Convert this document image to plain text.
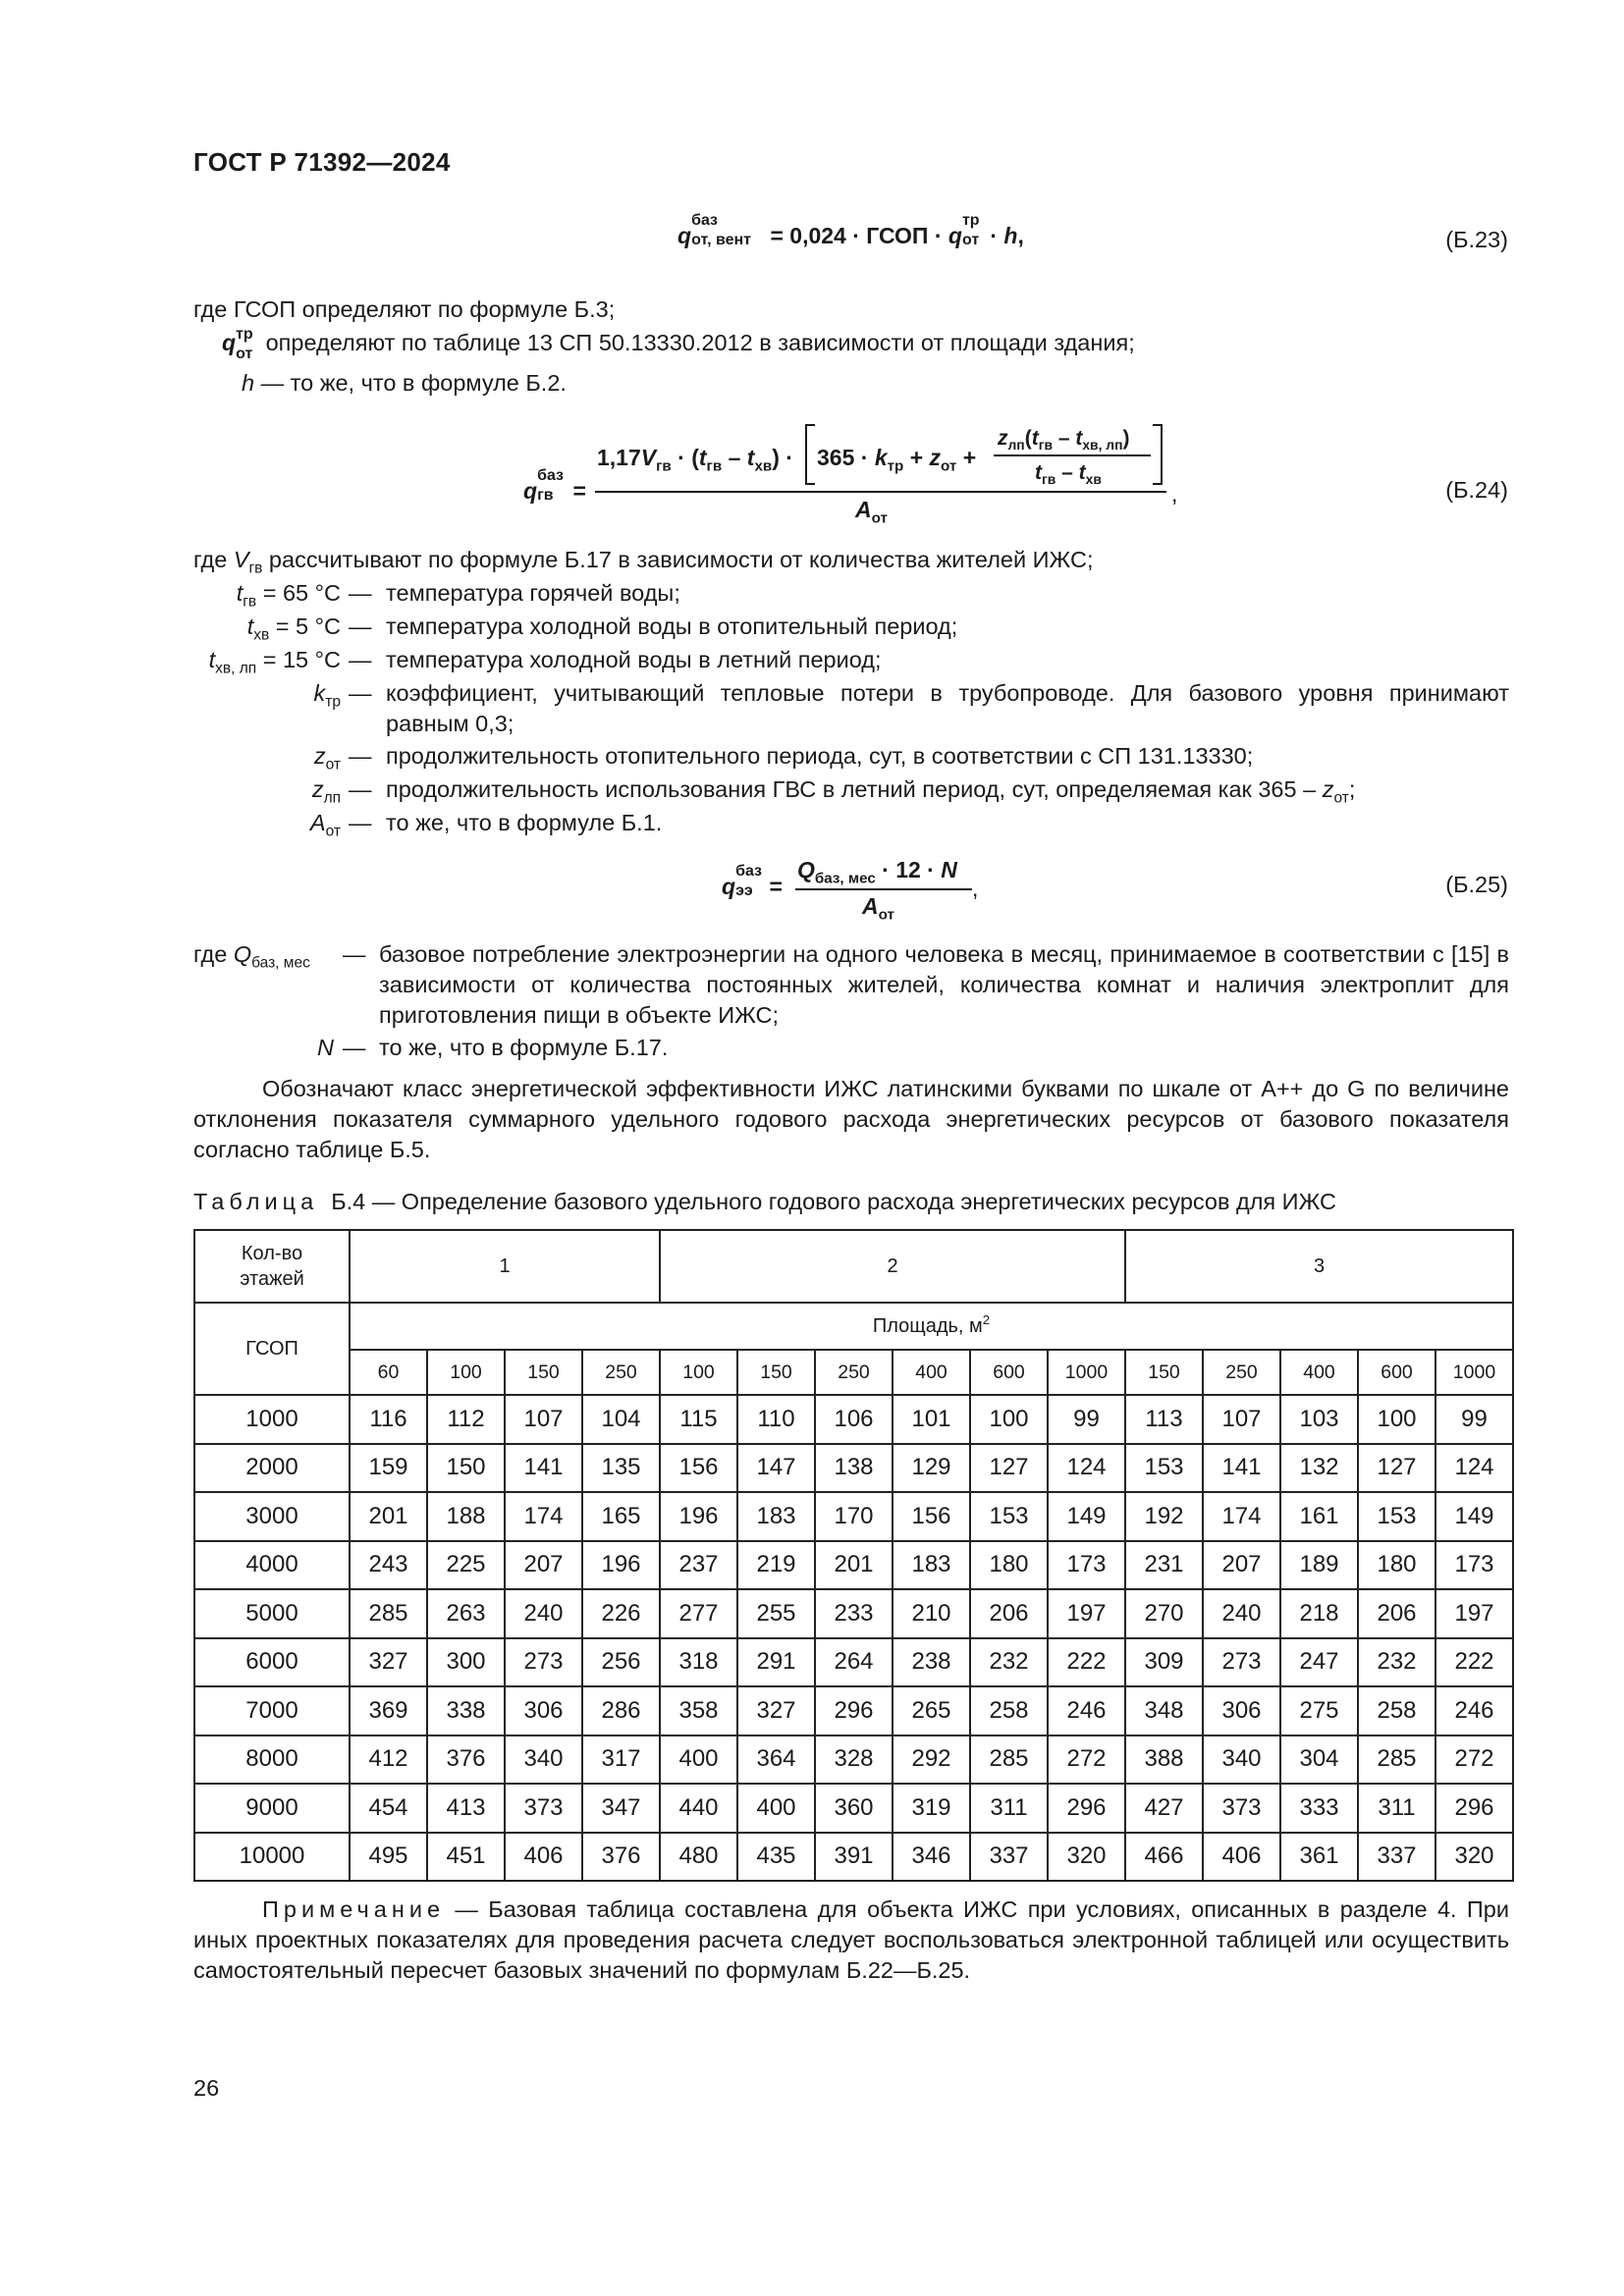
ГОСТ Р 71392—2024
q
баз
от, вент = 0,024 · ГСОП · q
тр
от · h,	(Б.23)
где ГСОП определяют по формуле Б.3;
q тр
от определяют по таблице 13 СП 50.13330.2012 в зависимости от площади здания;
h — то же, что в формуле Б.2.
q
баз
гв =
$1,17V_{гв} \cdot (t_{гв} - t_{хв}) \cdot 365 \cdot k_{тр} + z_{от}$ +
$z_{лп}(t_{гв} - t_{хв, лп})$
$t_{гв} - t_{хв}$
$A_{от}$
,	(Б.24)
где $V_{гв}$ рассчитывают по формуле Б.17 в зависимости от количества жителей ИЖС;
$t_{гв} = 65$ °C — температура горячей воды;
$t_{хв} = 5$ °C — температура холодной воды в отопительный период;
$t_{хв, лп} = 15$ °C — температура холодной воды в летний период;
$k_{тр}$ — коэффициент, учитывающий тепловые потери в трубопроводе. Для базового уровня принимают равным 0,3;
$z_{от}$ — продолжительность отопительного периода, сут, в соответствии с СП 131.13330;
$z_{лп}$ — продолжительность использования ГВС в летний период, сут, определяемая как $365 - z_{от}$;
$A_{от}$ — то же, что в формуле Б.1.
q
баз
ээ =
$Q_{баз, мес} \cdot 12 \cdot N$
$A_{от}$
,	(Б.25)
где $Q_{баз, мес}$ — базовое потребление электроэнергии на одного человека в месяц, принимаемое в соответствии с [15] в зависимости от количества постоянных жителей, количества комнат и наличия электроплит для приготовления пищи в объекте ИЖС;
N — то же, что в формуле Б.17.
Обозначают класс энергетической эффективности ИЖС латинскими буквами по шкале от A++ до G по величине отклонения показателя суммарного удельного годового расхода энергетических ресурсов от базового показателя согласно таблице Б.5.
Таблица Б.4 — Определение базового удельного годового расхода энергетических ресурсов для ИЖС
Кол-во этажей	1				2						3				
ГСОП	Площадь, $м^2$
	60	100	150	250	100	150	250	400	600	1000	150	250	400	600	1000
1000	116	112	107	104	115	110	106	101	100	99	113	107	103	100	99
2000	159	150	141	135	156	147	138	129	127	124	153	141	132	127	124
3000	201	188	174	165	196	183	170	156	153	149	192	174	161	153	149
4000	243	225	207	196	237	219	201	183	180	173	231	207	189	180	173
5000	285	263	240	226	277	255	233	210	206	197	270	240	218	206	197
6000	327	300	273	256	318	291	264	238	232	222	309	273	247	232	222
7000	369	338	306	286	358	327	296	265	258	246	348	306	275	258	246
8000	412	376	340	317	400	364	328	292	285	272	388	340	304	285	272
9000	454	413	373	347	440	400	360	319	311	296	427	373	333	311	296
10000	495	451	406	376	480	435	391	346	337	320	466	406	361	337	320
Примечание — Базовая таблица составлена для объекта ИЖС при условиях, описанных в разделе 4. При иных проектных показателях для проведения расчета следует воспользоваться электронной таблицей или осуществить самостоятельный пересчет базовых значений по формулам Б.22—Б.25.
26
